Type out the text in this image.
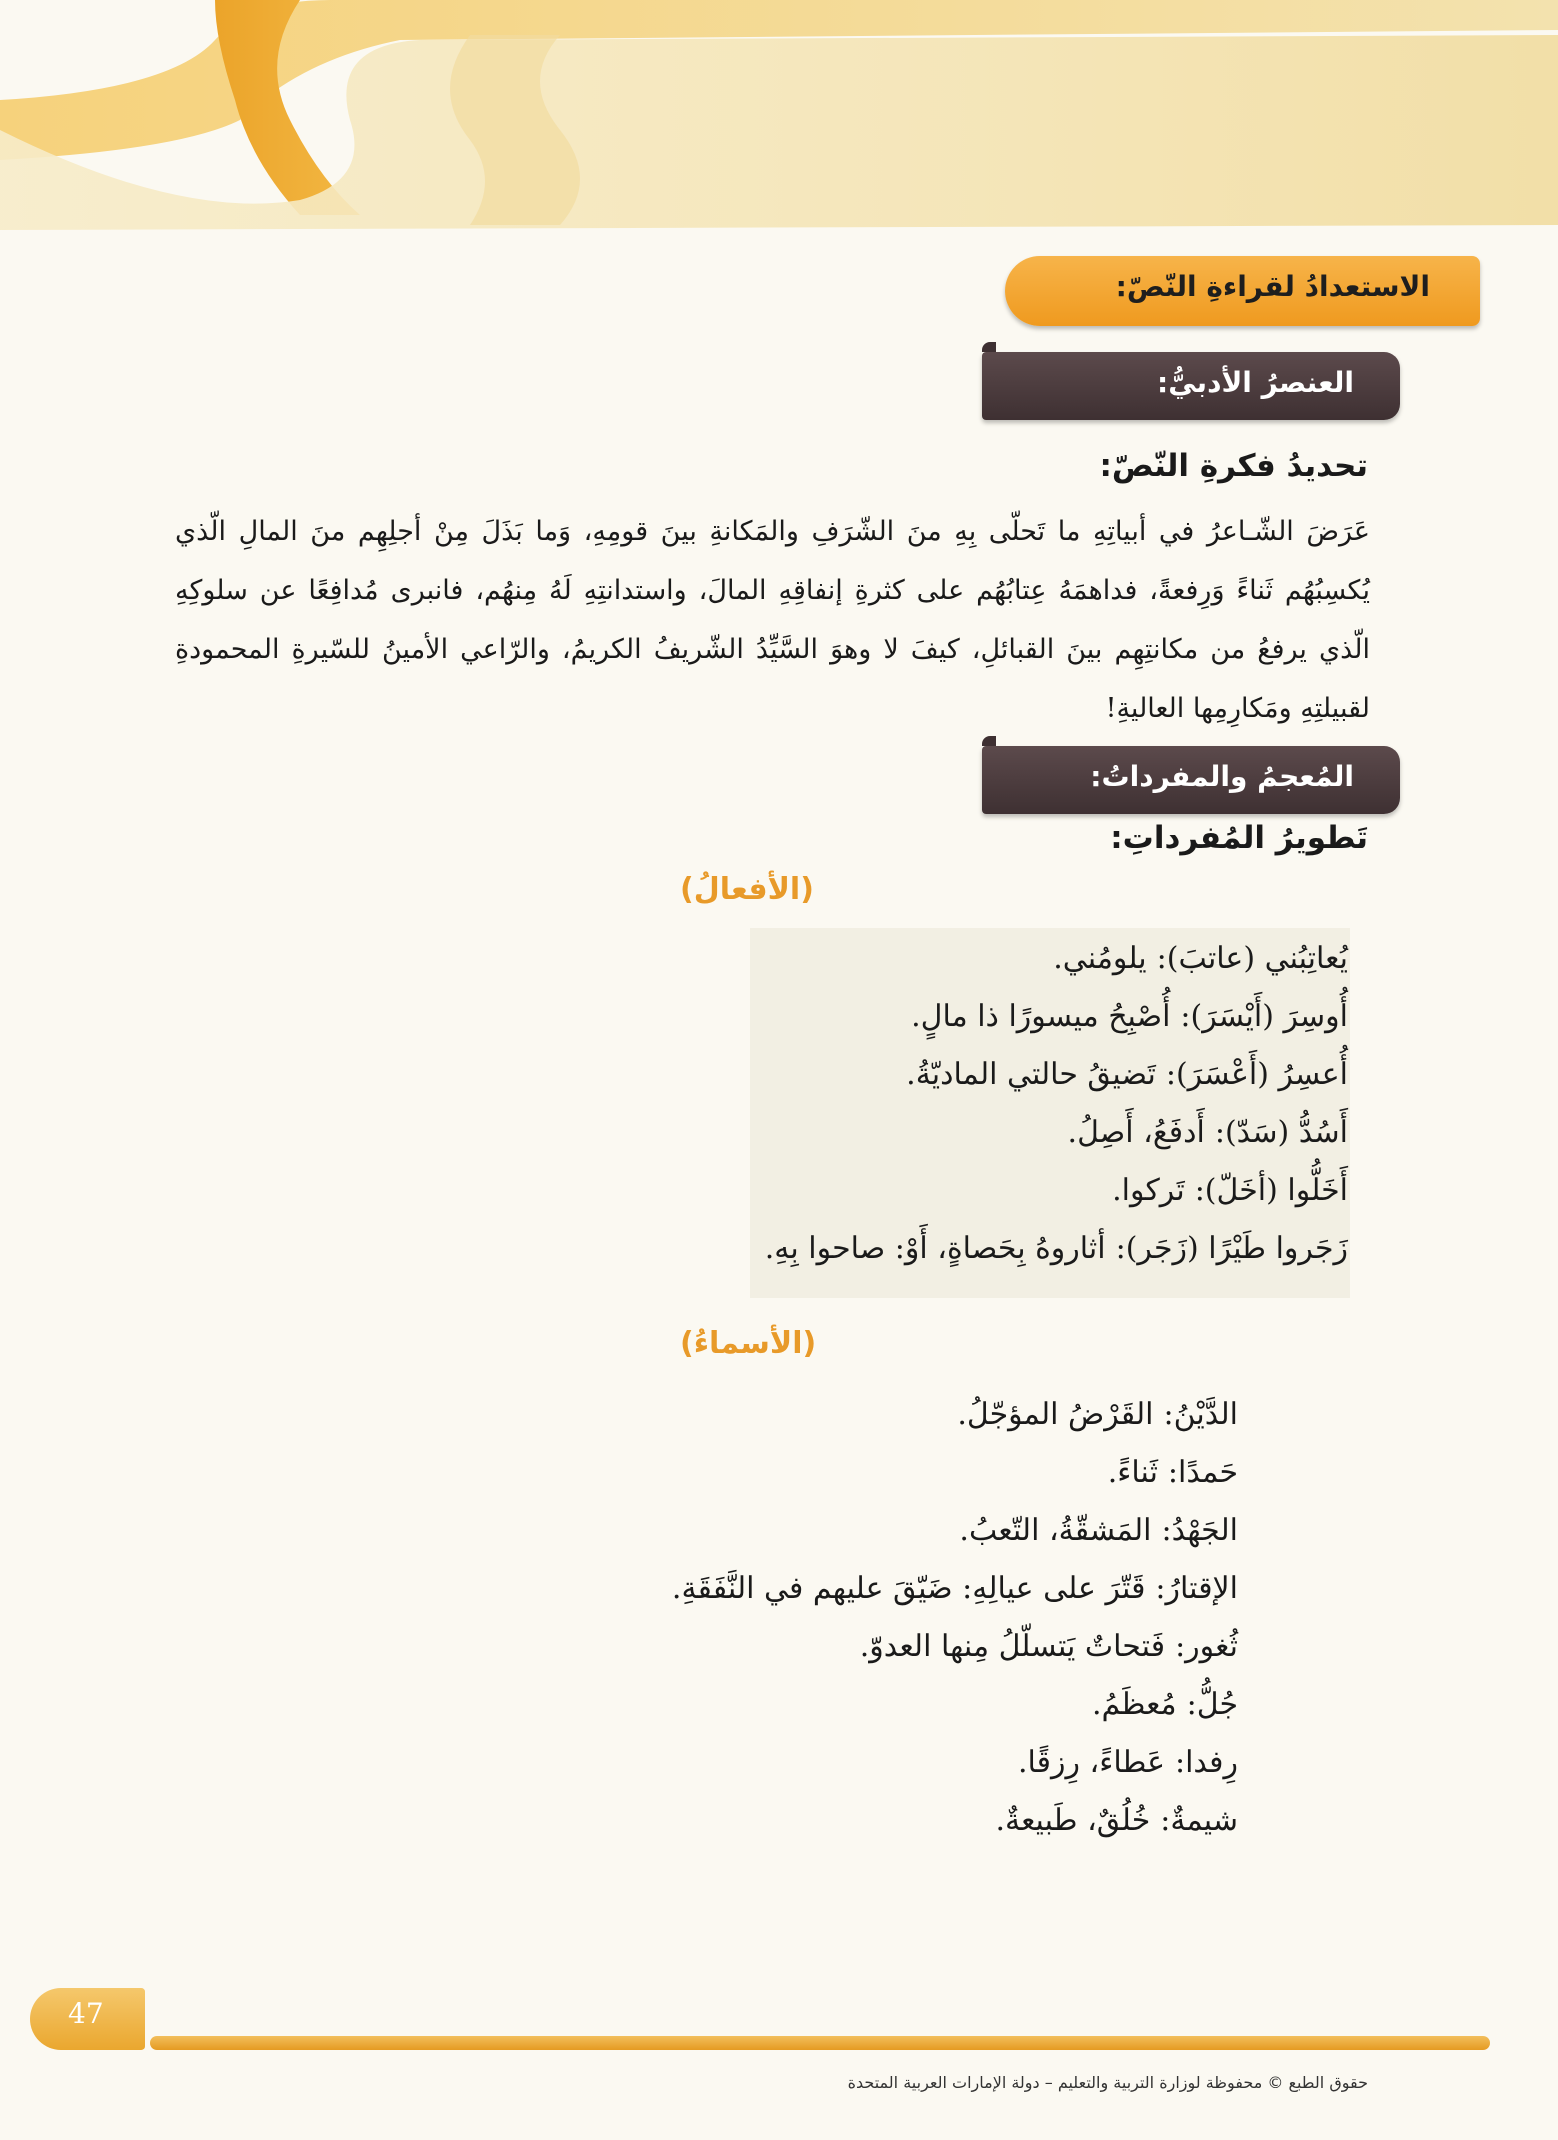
الاستعدادُ لقراءةِ النّصّ:
العنصرُ الأدبيُّ:
تحديدُ فكرةِ النّصّ:
عَرَضَ الشّـاعرُ في أبياتِهِ ما تَحلّى بِهِ منَ الشّرَفِ والمَكانةِ بينَ قومِهِ، وَما بَذَلَ مِنْ أجلِهِم منَ المالِ الّذي يُكسِبُهُم ثَناءً وَرِفعةً، فداهمَهُ عِتابُهُم على كثرةِ إنفاقِهِ المالَ، واستدانتِهِ لَهُ مِنهُم، فانبرى مُدافِعًا عن سلوكِهِ الّذي يرفعُ من مكانتِهِم بينَ القبائلِ، كيفَ لا وهوَ السَّيِّدُ الشّريفُ الكريمُ، والرّاعي الأمينُ للسّيرةِ المحمودةِ لقبيلتِهِ ومَكارِمِها العاليةِ!
المُعجمُ والمفرداتُ:
تَطويرُ المُفرداتِ:
(الأفعالُ)
يُعاتِبُني (عاتبَ):يلومُني.
أُوسِرَ (أَيْسَرَ):أُصْبِحُ ميسورًا ذا مالٍ.
أُعسِرُ (أَعْسَرَ):تَضيقُ حالتي الماديّةُ.
أَسُدُّ (سَدّ):أَدفَعُ، أَصِلُ.
أَخَلُّوا (أخَلّ):تَركوا.
زَجَروا طَيْرًا (زَجَر):أثاروهُ بِحَصاةٍ، أَوْ: صاحوا بِهِ.
(الأسماءُ)
الدَّيْنُ:القَرْضُ المؤجّلُ.
حَمدًا:ثَناءً.
الجَهْدُ:المَشقّةُ، التّعبُ.
الإقتارُ:قَتّرَ على عيالِهِ: ضَيّقَ عليهم في النَّفَقَةِ.
ثُغور:فَتحاتٌ يَتسلّلُ مِنها العدوّ.
جُلُّ:مُعظَمُ.
رِفدا:عَطاءً، رِزقًا.
شيمةٌ:خُلُقٌ، طَبيعةٌ.
47
حقوق الطبع © محفوظة لوزارة التربية والتعليم – دولة الإمارات العربية المتحدة
